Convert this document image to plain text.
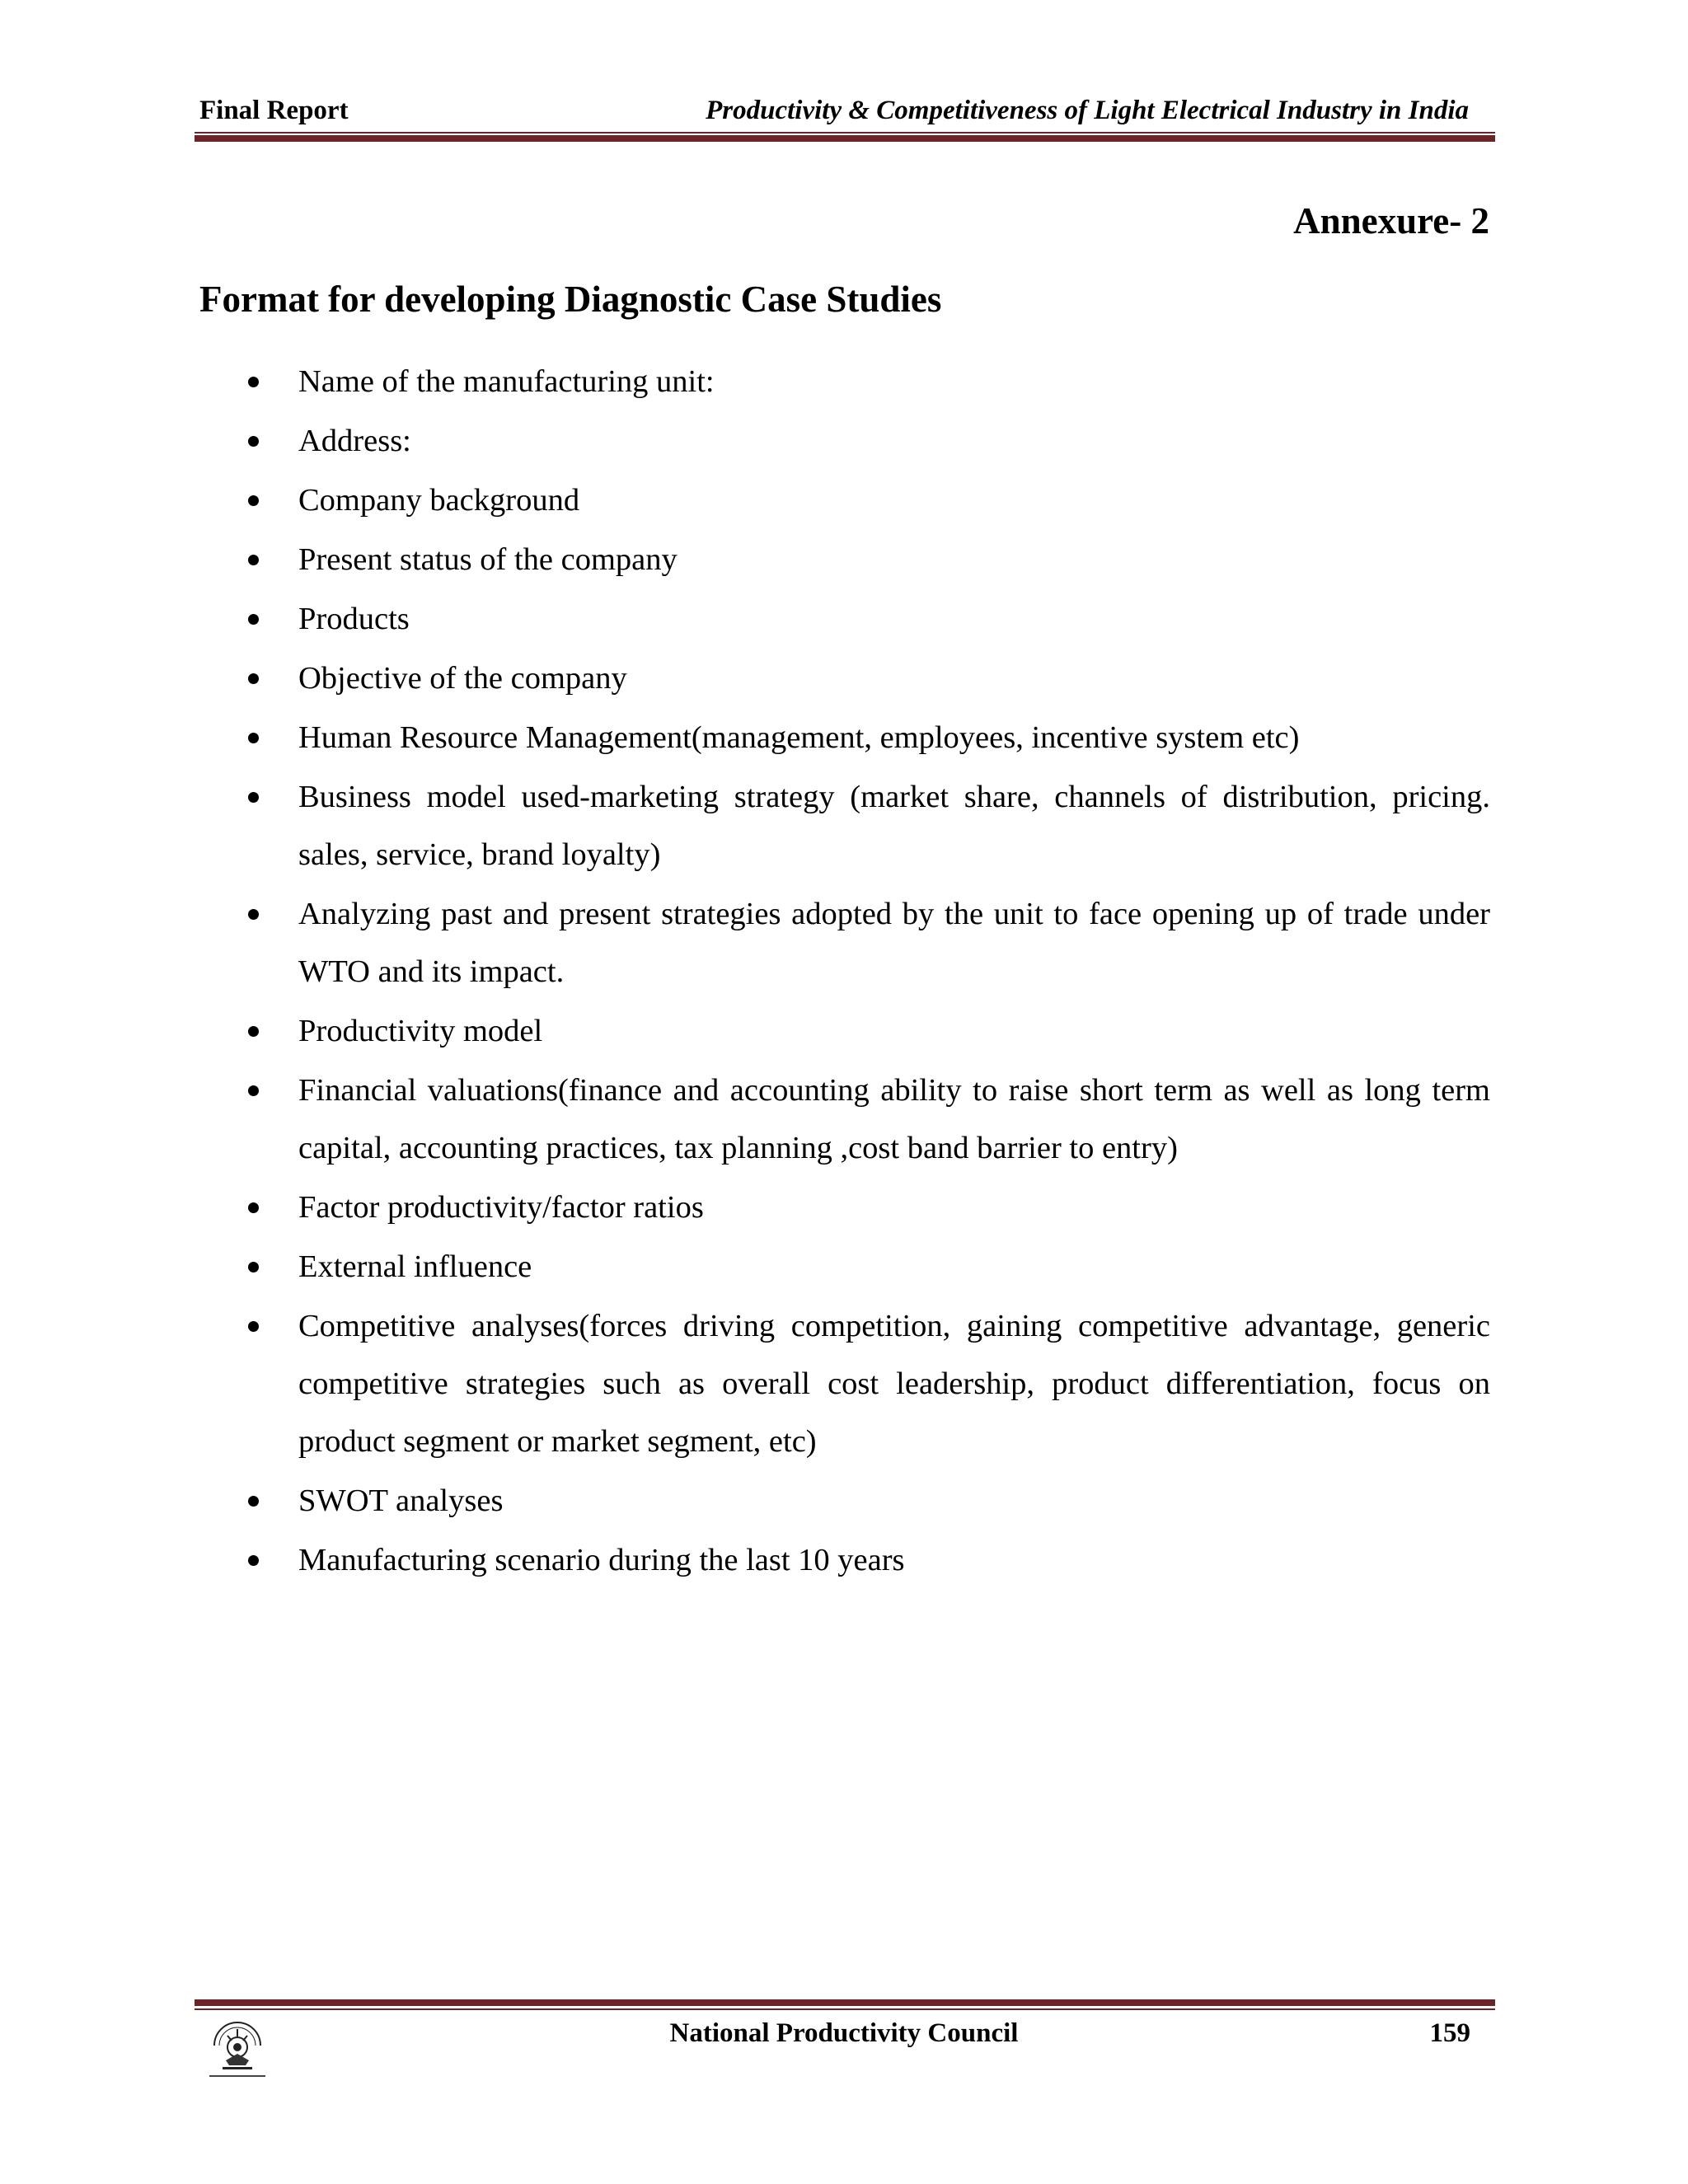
Final Report	Productivity & Competitiveness of Light Electrical Industry in India
Annexure- 2
Format for developing Diagnostic Case Studies
Name of the manufacturing unit:
Address:
Company background
Present status of the company
Products
Objective of the company
Human Resource Management(management, employees, incentive system etc)
Business model used-marketing strategy (market share, channels of distribution, pricing. sales, service, brand loyalty)
Analyzing past and present strategies adopted by the unit to face opening up of trade under WTO and its impact.
Productivity model
Financial valuations(finance and accounting ability to raise short term as well as long term capital, accounting practices, tax planning ,cost band barrier to entry)
Factor productivity/factor ratios
External influence
Competitive analyses(forces driving competition, gaining competitive advantage, generic competitive strategies such as overall cost leadership, product differentiation, focus on product segment or market segment, etc)
SWOT analyses
Manufacturing scenario during the last 10 years
National Productivity Council	159
